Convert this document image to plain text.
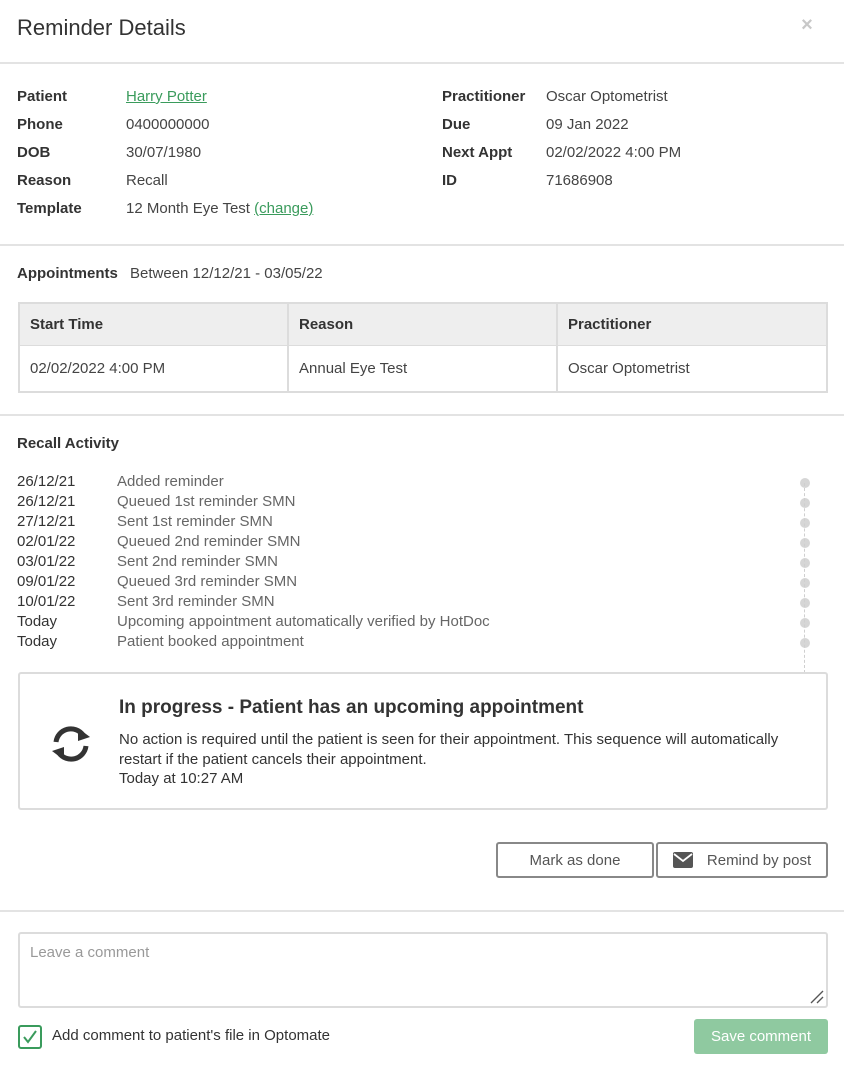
Reminder Details	×
Patient	Harry Potter
Phone	0400000000
DOB	30/07/1980
Reason	Recall
Template	12 Month Eye Test (change)
Practitioner Oscar Optometrist
Due	09 Jan 2022
Next Appt 02/02/2022 4:00 PM
ID	71686908
Appointments Between 12/12/21 - 03/05/22
Start Time	Reason	Practitioner
02/02/2022 4:00 PM	Annual Eye Test	Oscar Optometrist
Recall Activity
26/12/21	Added reminder
26/12/21	Queued 1st reminder SMN
27/12/21	Sent 1st reminder SMN
02/01/22	Queued 2nd reminder SMN
03/01/22	Sent 2nd reminder SMN
09/01/22	Queued 3rd reminder SMN
10/01/22	Sent 3rd reminder SMN
Today	Upcoming appointment automatically verified by HotDoc
Today	Patient booked appointment
In progress - Patient has an upcoming appointment
No action is required until the patient is seen for their appointment. This sequence will automatically restart if the patient cancels their appointment.
Today at 10:27 AM
Mark as done	Remind by post
Leave a comment
Add comment to patient's file in Optomate	Save comment
